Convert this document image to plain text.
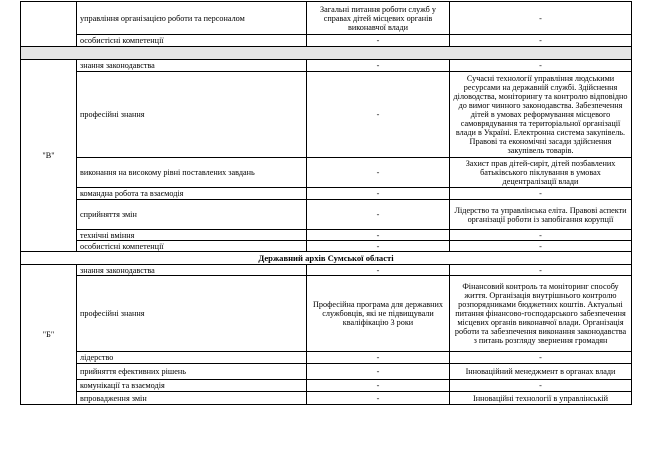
	управління організацією роботи та персоналом	Загальні питання роботи служб у справах дітей місцевих органів виконавчої влади	-
	особистісні компетенції	-	-

"В"	знання законодавства	-	-
	професійні знання	-	Сучасні технології управління людськими ресурсами на державній службі. Здійснення діловодства, моніторингу та контролю відповідно до вимог чинного законодавства. Забезпечення дітей в умовах реформування місцевого самоврядування та територіальної організації влади в Україні. Електронна система закупівель. Правові та економічні засади здійснення закупівель товарів.
	виконання на високому рівні поставлених завдань	-	Захист прав дітей-сиріт, дітей позбавлених батьківського піклування в умовах децентралізації влади
	командна робота та взаємодія	-	-
	сприйняття змін	-	Лідерство та управлінська еліта. Правові аспекти організації роботи із запобігання корупції
	технічні вміння	-	-
	особистісні компетенції	-	-
Державний архів Сумської області			
"Б"	знання законодавства	-	-
	професійні знання	Професійна програма для державних службовців, які не підвищували кваліфікацію 3 роки	Фінансовий контроль та моніторинг способу життя. Організація внутрішнього контролю розпорядниками бюджетних коштів. Актуальні питання фінансово-господарського забезпечення місцевих органів виконавчої влади. Організація роботи та забезпечення виконання законодавства з питань розгляду звернення громадян
	лідерство	-	-
	прийняття ефективних рішень	-	Інноваційний менеджмент в органах влади
	комунікації та взаємодія	-	-
	впровадження змін	-	Інноваційні технології в управлінській
